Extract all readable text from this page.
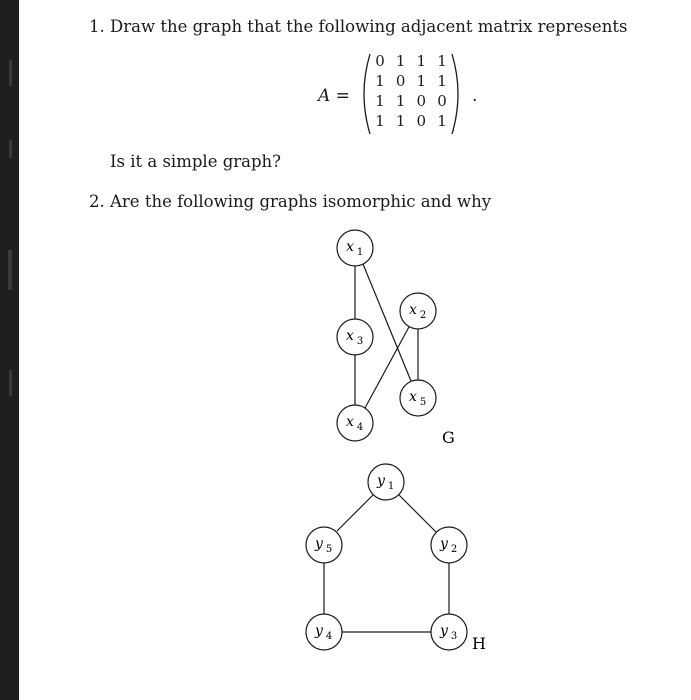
1. Draw the graph that the following adjacent matrix represents
A =
0 1 1 1
1 0 1 1
1 1 0 0
1 1 0 1
.
Is it a simple graph?
2. Are the following graphs isomorphic and why
x 1
x 2
x 3
x 4
x 5
G
y 1
y 2
y 3
y 4
y 5
H
